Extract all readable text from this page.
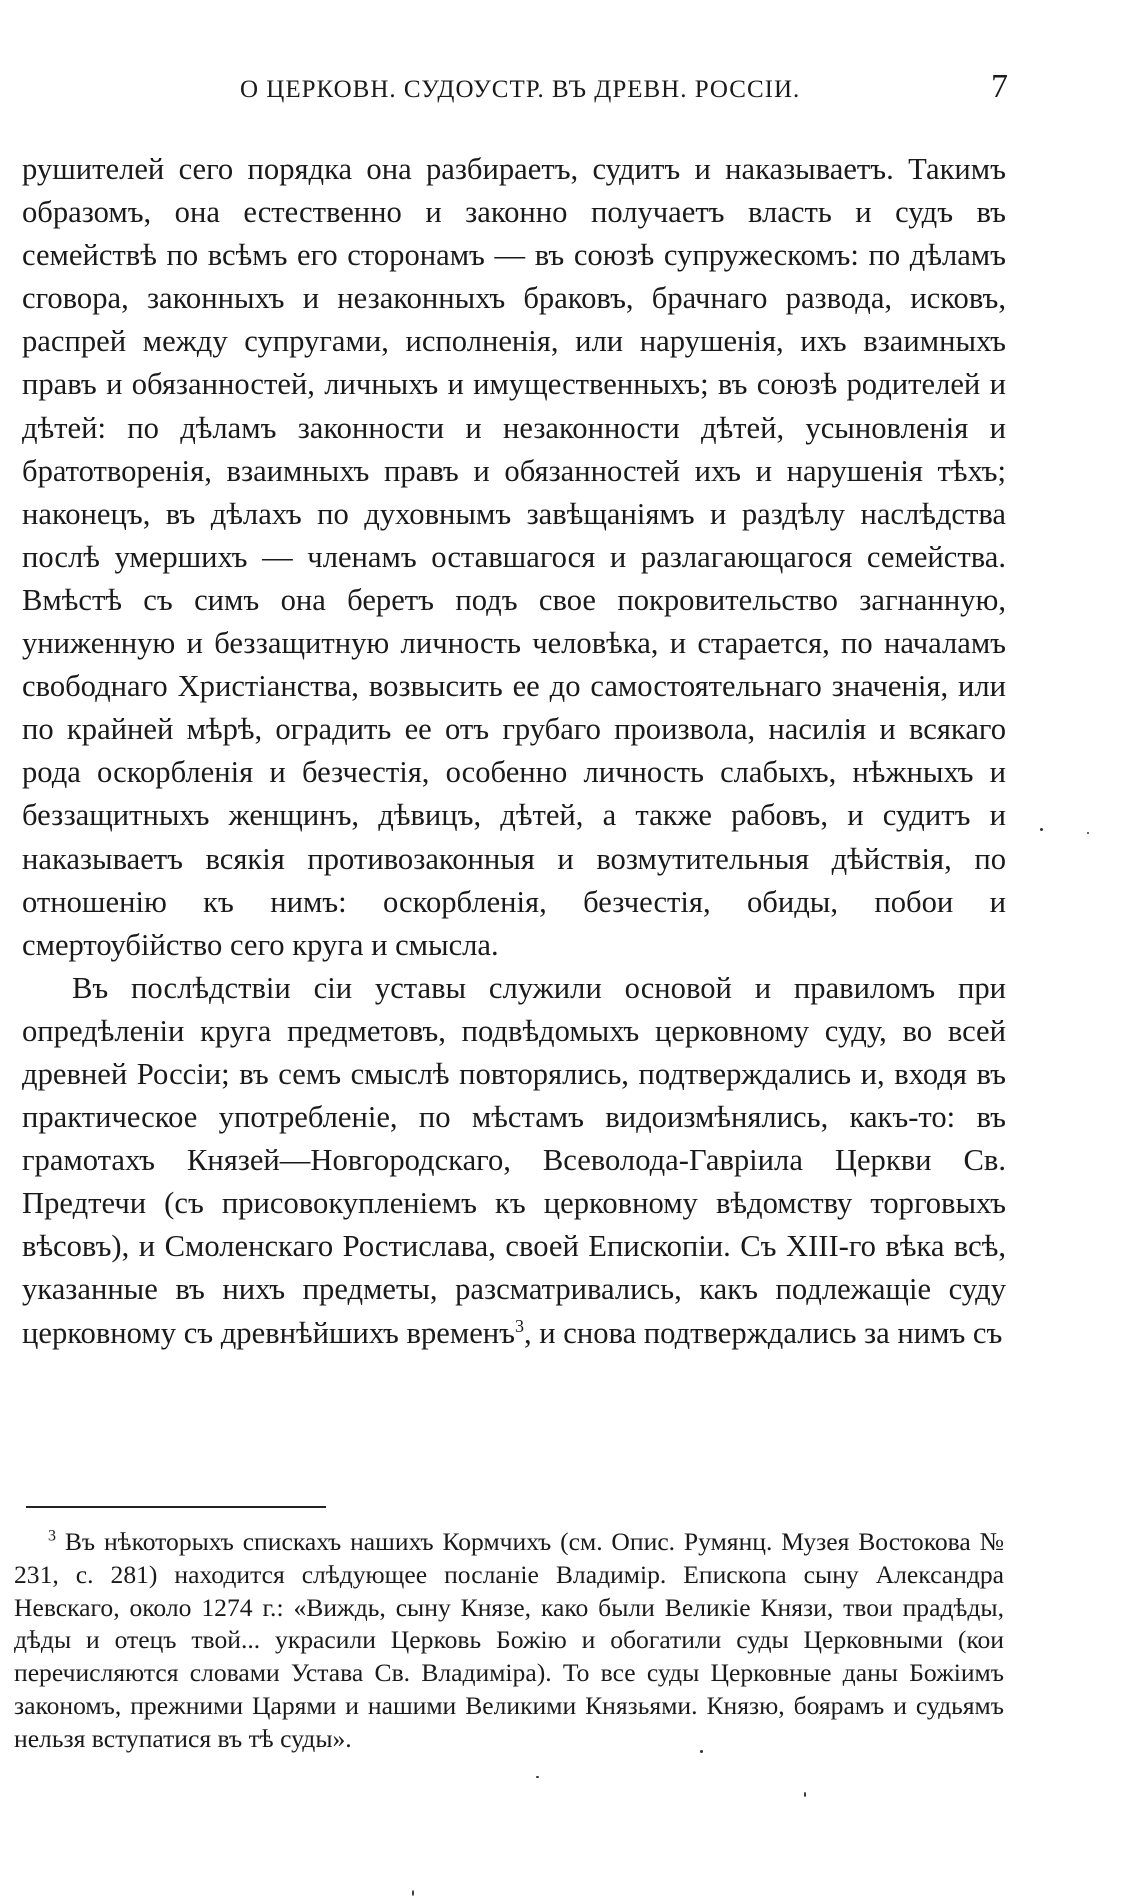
О ЦЕРКОВН. СУДОУСТР. ВЪ ДРЕВН. РОССІИ.	7

рушителей сего порядка она разбираетъ, судитъ и наказываетъ. Такимъ образомъ, она естественно и законно получаетъ власть и судъ въ семействѣ по всѣмъ его сторонамъ — въ союзѣ супружескомъ: по дѣламъ сговора, законныхъ и незаконныхъ браковъ, брачнаго развода, исковъ, распрей между супругами, исполненія, или нарушенія, ихъ взаимныхъ правъ и обязанностей, личныхъ и имущественныхъ; въ союзѣ родителей и дѣтей: по дѣламъ законности и незаконности дѣтей, усыновленія и братотворенія, взаимныхъ правъ и обязанностей ихъ и нарушенія тѣхъ; наконецъ, въ дѣлахъ по духовнымъ завѣщаніямъ и раздѣлу наслѣдства послѣ умершихъ — членамъ оставшагося и разлагающагося семейства. Вмѣстѣ съ симъ она беретъ подъ свое покровительство загнанную, униженную и беззащитную личность человѣка, и старается, по началамъ свободнаго Христіанства, возвысить ее до самостоятельнаго значенія, или по крайней мѣрѣ, оградить ее отъ грубаго произвола, насилія и всякаго рода оскорбленія и безчестія, особенно личность слабыхъ, нѣжныхъ и беззащитныхъ женщинъ, дѣвицъ, дѣтей, а также рабовъ, и судитъ и наказываетъ всякія противозаконныя и возмутительныя дѣйствія, по отношенію къ нимъ: оскорбленія, безчестія, обиды, побои и смертоубійство сего круга и смысла.

Въ послѣдствіи сіи уставы служили основой и правиломъ при опредѣленіи круга предметовъ, подвѣдомыхъ церковному суду, во всей древней Россіи; въ семъ смыслѣ повторялись, подтверждались и, входя въ практическое употребленіе, по мѣстамъ видоизмѣнялись, какъ-то: въ грамотахъ Князей—Новгородскаго, Всеволода-Гавріила Церкви Св. Предтечи (съ присовокупленіемъ къ церковному вѣдомству торговыхъ вѣсовъ), и Смоленскаго Ростислава, своей Епископіи. Съ XIII-го вѣка всѣ, указанные въ нихъ предметы, разсматривались, какъ подлежащіе суду церковному съ древнѣйшихъ временъ$^3$, и снова подтверждались за нимъ съ

$^3$ Въ нѣкоторыхъ спискахъ нашихъ Кормчихъ (см. Опис. Румянц. Музея Востокова № 231, с. 281) находится слѣдующее посланіе Владимір. Епископа сыну Александра Невскаго, около 1274 г.: «Виждь, сыну Князе, како были Великіе Князи, твои прадѣды, дѣды и отецъ твой... украсили Церковь Божію и обогатили суды Церковными (кои перечисляются словами Устава Св. Владиміра). То все суды Церковные даны Божіимъ закономъ, прежними Царями и нашими Великими Князьями. Князю, боярамъ и судьямъ нельзя вступатися въ тѣ суды».
